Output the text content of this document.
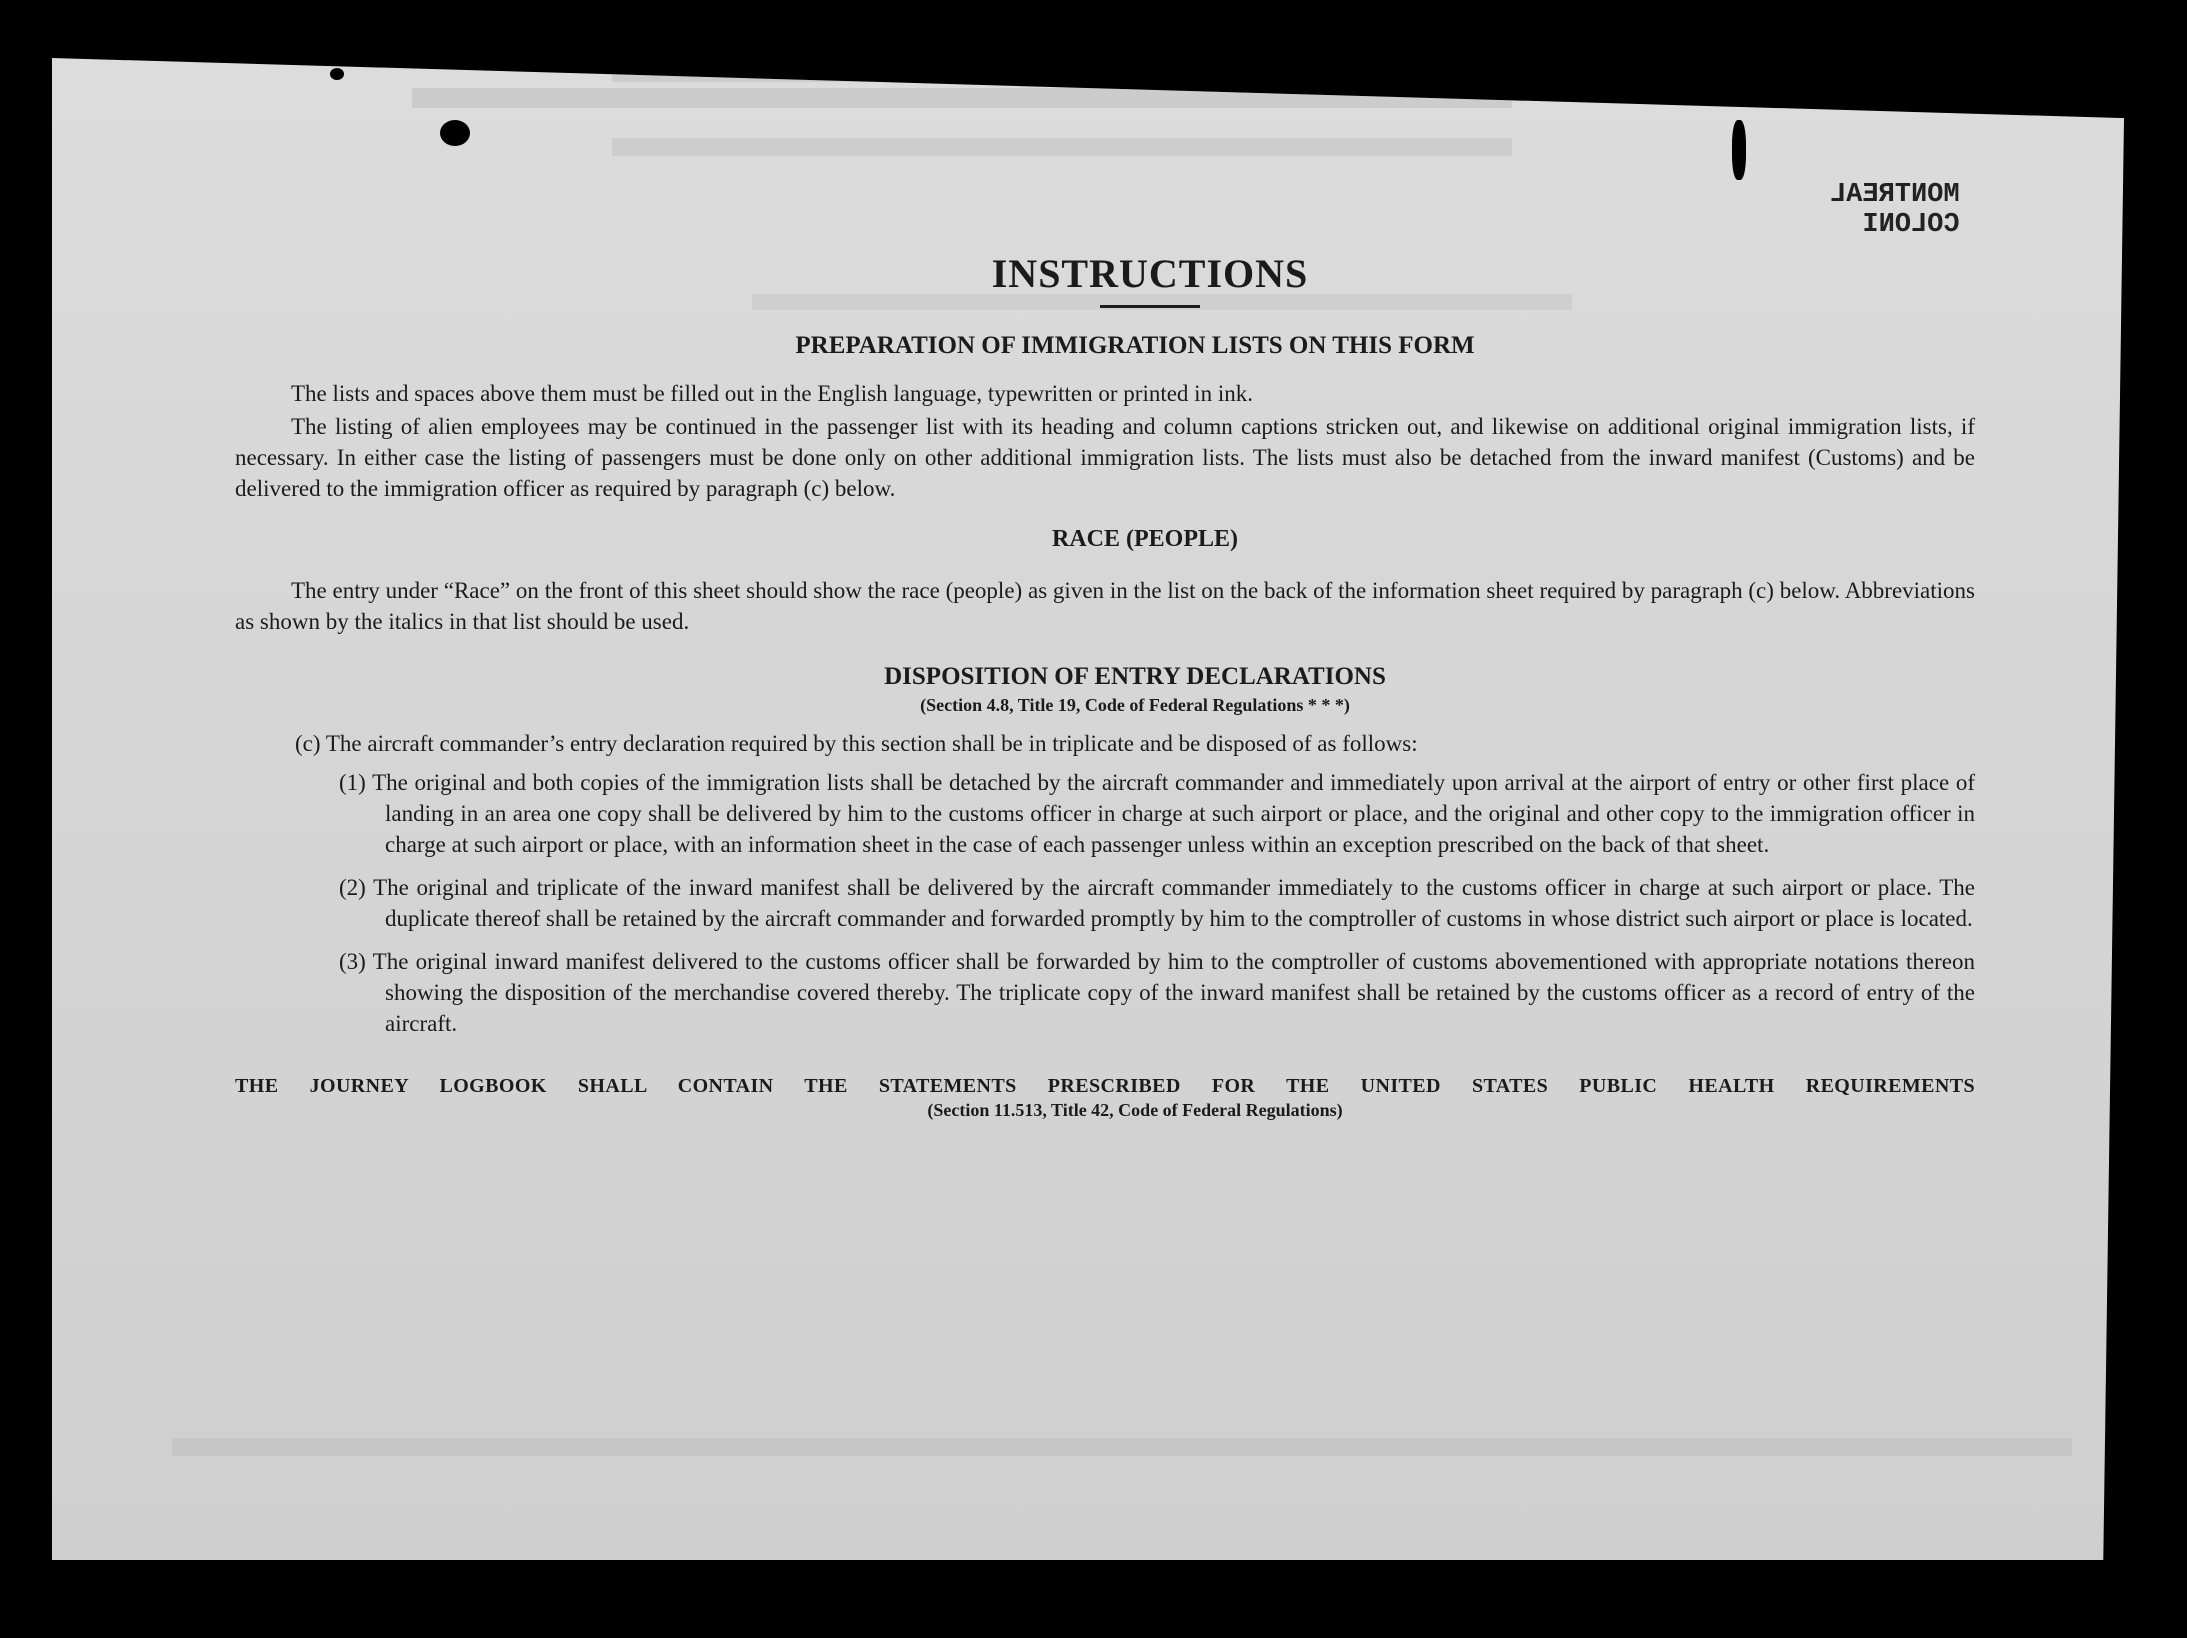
MONTREAL
COLONI
INSTRUCTIONS
PREPARATION OF IMMIGRATION LISTS ON THIS FORM

The lists and spaces above them must be filled out in the English language, typewritten or printed in ink.

The listing of alien employees may be continued in the passenger list with its heading and column captions stricken out, and likewise on additional original immigration lists, if necessary. In either case the listing of passengers must be done only on other additional immigration lists. The lists must also be detached from the inward manifest (Customs) and be delivered to the immigration officer as required by paragraph (c) below.

RACE (PEOPLE)

The entry under “Race” on the front of this sheet should show the race (people) as given in the list on the back of the information sheet required by paragraph (c) below. Abbreviations as shown by the italics in that list should be used.

DISPOSITION OF ENTRY DECLARATIONS
(Section 4.8, Title 19, Code of Federal Regulations * * *)

(c) The aircraft commander’s entry declaration required by this section shall be in triplicate and be disposed of as follows:

(1) The original and both copies of the immigration lists shall be detached by the aircraft commander and immediately upon arrival at the airport of entry or other first place of landing in an area one copy shall be delivered by him to the customs officer in charge at such airport or place, and the original and other copy to the immigration officer in charge at such airport or place, with an information sheet in the case of each passenger unless within an exception prescribed on the back of that sheet.

(2) The original and triplicate of the inward manifest shall be delivered by the aircraft commander immediately to the customs officer in charge at such airport or place. The duplicate thereof shall be retained by the aircraft commander and forwarded promptly by him to the comptroller of customs in whose district such airport or place is located.

(3) The original inward manifest delivered to the customs officer shall be forwarded by him to the comptroller of customs abovementioned with appropriate notations thereon showing the disposition of the merchandise covered thereby. The triplicate copy of the inward manifest shall be retained by the customs officer as a record of entry of the aircraft.

THE JOURNEY LOGBOOK SHALL CONTAIN THE STATEMENTS PRESCRIBED FOR THE UNITED STATES PUBLIC HEALTH REQUIREMENTS
(Section 11.513, Title 42, Code of Federal Regulations)
